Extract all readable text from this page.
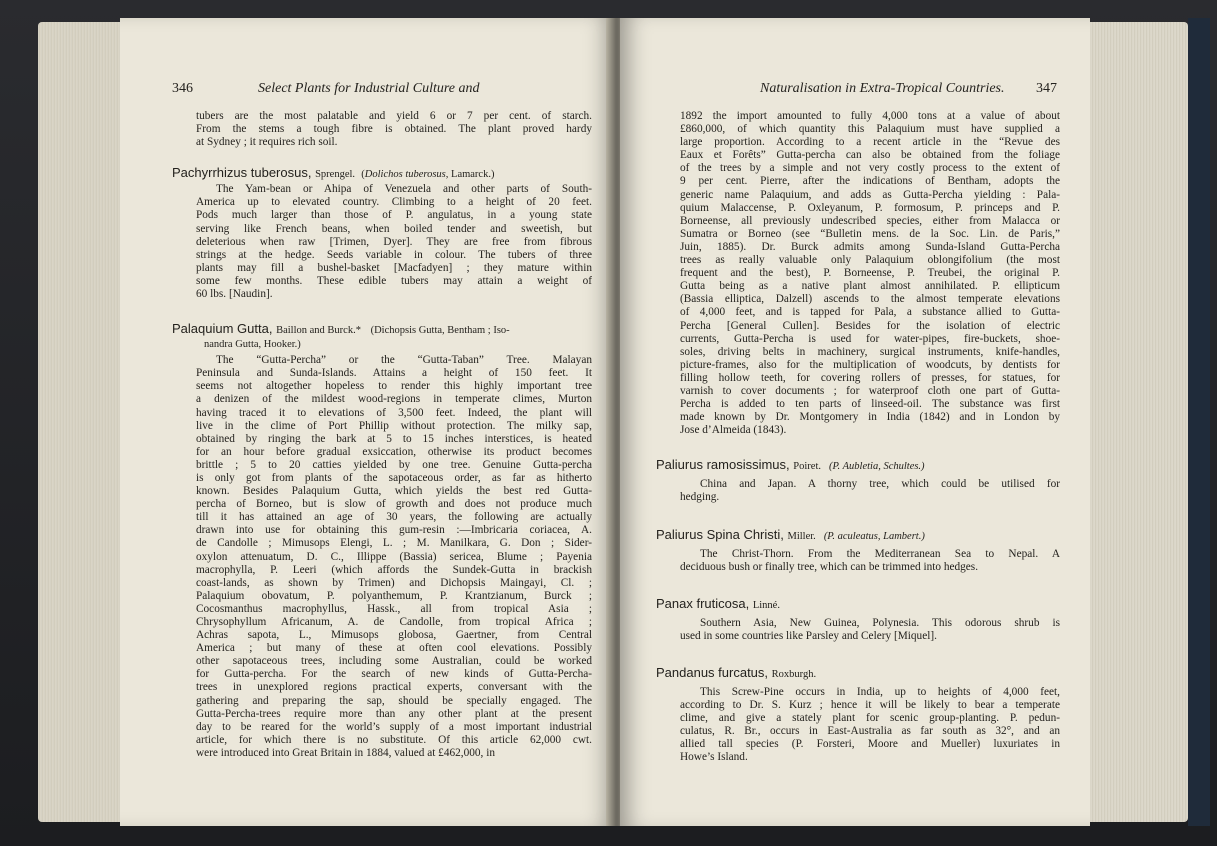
346	Select Plants for Industrial Culture and
tubers are the most palatable and yield 6 or 7 per cent. of starch.
From the stems a tough fibre is obtained. The plant proved hardy
at Sydney ; it requires rich soil.
Pachyrrhizus tuberosus, Sprengel.  (Dolichos tuberosus, Lamarck.)
The Yam-bean or Ahipa of Venezuela and other parts of South-
America up to elevated country. Climbing to a height of 20 feet.
Pods much larger than those of P. angulatus, in a young state
serving like French beans, when boiled tender and sweetish, but
deleterious when raw [Trimen, Dyer]. They are free from fibrous
strings at the hedge. Seeds variable in colour. The tubers of three
plants may fill a bushel-basket [Macfadyen] ; they mature within
some few months. These edible tubers may attain a weight of
60 lbs. [Naudin].
Palaquium Gutta, Baillon and Burck.* (Dichopsis Gutta, Bentham ; Iso-
nandra Gutta, Hooker.)
The “Gutta-Percha” or the “Gutta-Taban” Tree. Malayan
Peninsula and Sunda-Islands. Attains a height of 150 feet. It
seems not altogether hopeless to render this highly important tree
a denizen of the mildest wood-regions in temperate climes, Murton
having traced it to elevations of 3,500 feet. Indeed, the plant will
live in the clime of Port Phillip without protection. The milky sap,
obtained by ringing the bark at 5 to 15 inches interstices, is heated
for an hour before gradual exsiccation, otherwise its product becomes
brittle ; 5 to 20 catties yielded by one tree. Genuine Gutta-percha
is only got from plants of the sapotaceous order, as far as hitherto
known. Besides Palaquium Gutta, which yields the best red Gutta-
percha of Borneo, but is slow of growth and does not produce much
till it has attained an age of 30 years, the following are actually
drawn into use for obtaining this gum-resin :—Imbricaria coriacea, A.
de Candolle ; Mimusops Elengi, L. ; M. Manilkara, G. Don ; Sider-
oxylon attenuatum, D. C., Illippe (Bassia) sericea, Blume ; Payenia
macrophylla, P. Leeri (which affords the Sundek-Gutta in brackish
coast-lands, as shown by Trimen) and Dichopsis Maingayi, Cl. ;
Palaquium obovatum, P. polyanthemum, P. Krantzianum, Burck ;
Cocosmanthus macrophyllus, Hassk., all from tropical Asia ;
Chrysophyllum Africanum, A. de Candolle, from tropical Africa ;
Achras sapota, L., Mimusops globosa, Gaertner, from Central
America ; but many of these at often cool elevations. Possibly
other sapotaceous trees, including some Australian, could be worked
for Gutta-percha. For the search of new kinds of Gutta-Percha-
trees in unexplored regions practical experts, conversant with the
gathering and preparing the sap, should be specially engaged. The
Gutta-Percha-trees require more than any other plant at the present
day to be reared for the world’s supply of a most important industrial
article, for which there is no substitute. Of this article 62,000 cwt.
were introduced into Great Britain in 1884, valued at £462,000, in
Naturalisation in Extra-Tropical Countries. 347
1892 the import amounted to fully 4,000 tons at a value of about
£860,000, of which quantity this Palaquium must have supplied a
large proportion. According to a recent article in the “Revue des
Eaux et Forêts” Gutta-percha can also be obtained from the foliage
of the trees by a simple and not very costly process to the extent of
9 per cent. Pierre, after the indications of Bentham, adopts the
generic name Palaquium, and adds as Gutta-Percha yielding : Pala-
quium Malaccense, P. Oxleyanum, P. formosum, P. princeps and P.
Borneense, all previously undescribed species, either from Malacca or
Sumatra or Borneo (see “Bulletin mens. de la Soc. Lin. de Paris,”
Juin, 1885). Dr. Burck admits among Sunda-Island Gutta-Percha
trees as really valuable only Palaquium oblongifolium (the most
frequent and the best), P. Borneense, P. Treubei, the original P.
Gutta being as a native plant almost annihilated. P. ellipticum
(Bassia elliptica, Dalzell) ascends to the almost temperate elevations
of 4,000 feet, and is tapped for Pala, a substance allied to Gutta-
Percha [General Cullen]. Besides for the isolation of electric
currents, Gutta-Percha is used for water-pipes, fire-buckets, shoe-
soles, driving belts in machinery, surgical instruments, knife-handles,
picture-frames, also for the multiplication of woodcuts, by dentists for
filling hollow teeth, for covering rollers of presses, for statues, for
varnish to cover documents ; for waterproof cloth one part of Gutta-
Percha is added to ten parts of linseed-oil. The substance was first
made known by Dr. Montgomery in India (1842) and in London by
Jose d’Almeida (1843).
Paliurus ramosissimus, Poiret. (P. Aubletia, Schultes.)
China and Japan. A thorny tree, which could be utilised for
hedging.
Paliurus Spina Christi, Miller. (P. aculeatus, Lambert.)
The Christ-Thorn. From the Mediterranean Sea to Nepal. A
deciduous bush or finally tree, which can be trimmed into hedges.
Panax fruticosa, Linné.
Southern Asia, New Guinea, Polynesia. This odorous shrub is
used in some countries like Parsley and Celery [Miquel].
Pandanus furcatus, Roxburgh.
This Screw-Pine occurs in India, up to heights of 4,000 feet,
according to Dr. S. Kurz ; hence it will be likely to bear a temperate
clime, and give a stately plant for scenic group-planting. P. pedun-
culatus, R. Br., occurs in East-Australia as far south as 32°, and an
allied tall species (P. Forsteri, Moore and Mueller) luxuriates in
Howe’s Island.
